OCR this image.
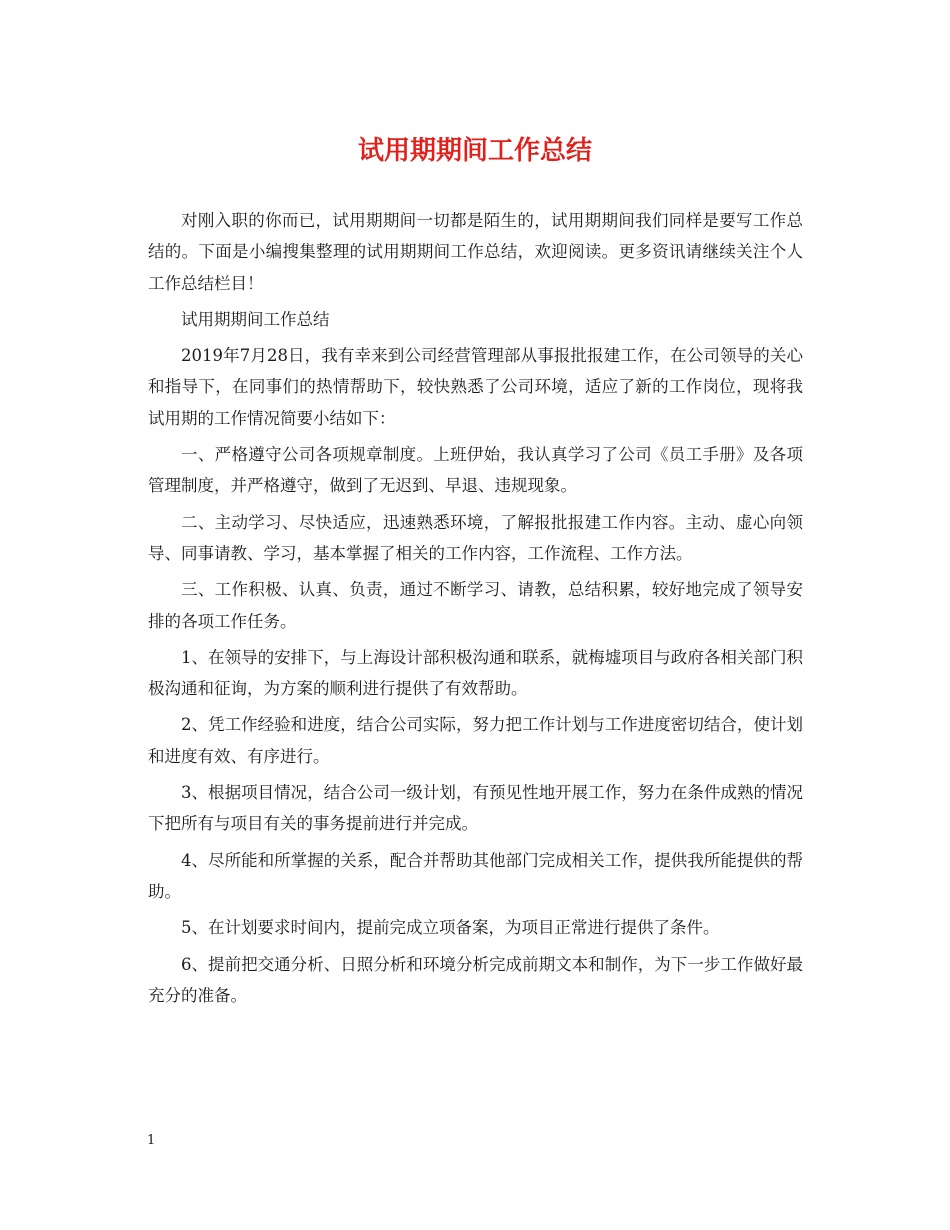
试用期期间工作总结

对刚入职的你而已，试用期期间一切都是陌生的，试用期期间我们同样是要写工作总结的。下面是小编搜集整理的试用期期间工作总结，欢迎阅读。更多资讯请继续关注个人工作总结栏目！

试用期期间工作总结

2019年7月28日，我有幸来到公司经营管理部从事报批报建工作，在公司领导的关心和指导下，在同事们的热情帮助下，较快熟悉了公司环境，适应了新的工作岗位，现将我试用期的工作情况简要小结如下：

一、严格遵守公司各项规章制度。上班伊始，我认真学习了公司《员工手册》及各项管理制度，并严格遵守，做到了无迟到、早退、违规现象。

二、主动学习、尽快适应，迅速熟悉环境，了解报批报建工作内容。主动、虚心向领导、同事请教、学习，基本掌握了相关的工作内容，工作流程、工作方法。

三、工作积极、认真、负责，通过不断学习、请教，总结积累，较好地完成了领导安排的各项工作任务。

1、在领导的安排下，与上海设计部积极沟通和联系，就梅墟项目与政府各相关部门积极沟通和征询，为方案的顺利进行提供了有效帮助。

2、凭工作经验和进度，结合公司实际，努力把工作计划与工作进度密切结合，使计划和进度有效、有序进行。

3、根据项目情况，结合公司一级计划，有预见性地开展工作，努力在条件成熟的情况下把所有与项目有关的事务提前进行并完成。

4、尽所能和所掌握的关系，配合并帮助其他部门完成相关工作，提供我所能提供的帮助。

5、在计划要求时间内，提前完成立项备案，为项目正常进行提供了条件。

6、提前把交通分析、日照分析和环境分析完成前期文本和制作，为下一步工作做好最充分的准备。

1
